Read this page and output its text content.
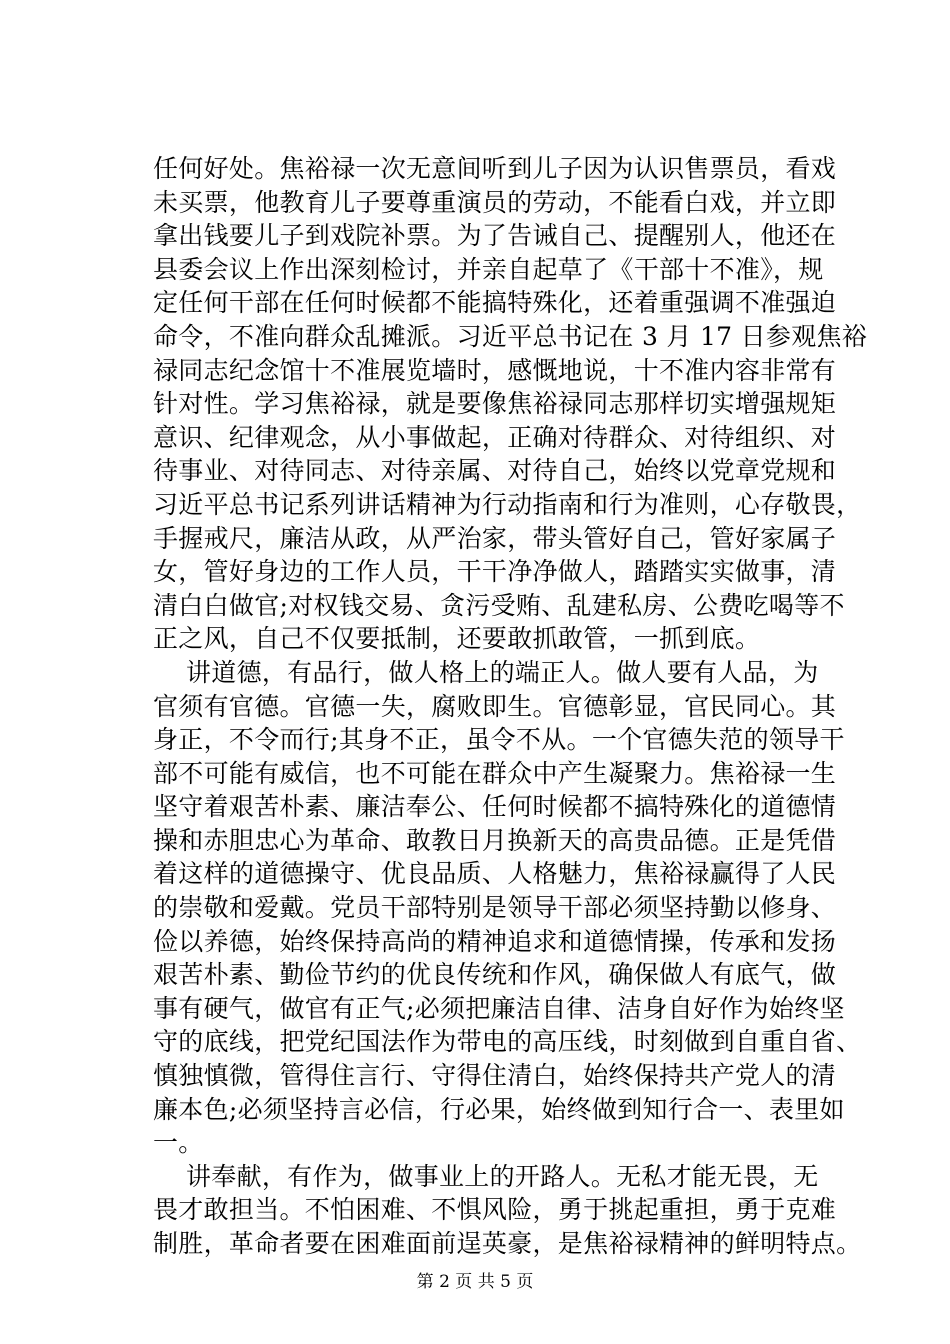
任何好处。焦裕禄一次无意间听到儿子因为认识售票员，看戏
未买票，他教育儿子要尊重演员的劳动，不能看白戏，并立即
拿出钱要儿子到戏院补票。为了告诫自己、提醒别人，他还在
县委会议上作出深刻检讨，并亲自起草了《干部十不准》，规
定任何干部在任何时候都不能搞特殊化，还着重强调不准强迫
命令，不准向群众乱摊派。习近平总书记在 3 月 17 日参观焦裕
禄同志纪念馆十不准展览墙时，感慨地说，十不准内容非常有
针对性。学习焦裕禄，就是要像焦裕禄同志那样切实增强规矩
意识、纪律观念，从小事做起，正确对待群众、对待组织、对
待事业、对待同志、对待亲属、对待自己，始终以党章党规和
习近平总书记系列讲话精神为行动指南和行为准则，心存敬畏，
手握戒尺，廉洁从政，从严治家，带头管好自己，管好家属子
女，管好身边的工作人员，干干净净做人，踏踏实实做事，清
清白白做官;对权钱交易、贪污受贿、乱建私房、公费吃喝等不
正之风，自己不仅要抵制，还要敢抓敢管，一抓到底。
讲道德，有品行，做人格上的端正人。做人要有人品，为
官须有官德。官德一失，腐败即生。官德彰显，官民同心。其
身正，不令而行;其身不正，虽令不从。一个官德失范的领导干
部不可能有威信，也不可能在群众中产生凝聚力。焦裕禄一生
坚守着艰苦朴素、廉洁奉公、任何时候都不搞特殊化的道德情
操和赤胆忠心为革命、敢教日月换新天的高贵品德。正是凭借
着这样的道德操守、优良品质、人格魅力，焦裕禄赢得了人民
的崇敬和爱戴。党员干部特别是领导干部必须坚持勤以修身、
俭以养德，始终保持高尚的精神追求和道德情操，传承和发扬
艰苦朴素、勤俭节约的优良传统和作风，确保做人有底气，做
事有硬气，做官有正气;必须把廉洁自律、洁身自好作为始终坚
守的底线，把党纪国法作为带电的高压线，时刻做到自重自省、
慎独慎微，管得住言行、守得住清白，始终保持共产党人的清
廉本色;必须坚持言必信，行必果，始终做到知行合一、表里如
一。
讲奉献，有作为，做事业上的开路人。无私才能无畏，无
畏才敢担当。不怕困难、不惧风险，勇于挑起重担，勇于克难
制胜，革命者要在困难面前逞英豪，是焦裕禄精神的鲜明特点。
第 2 页 共 5 页
